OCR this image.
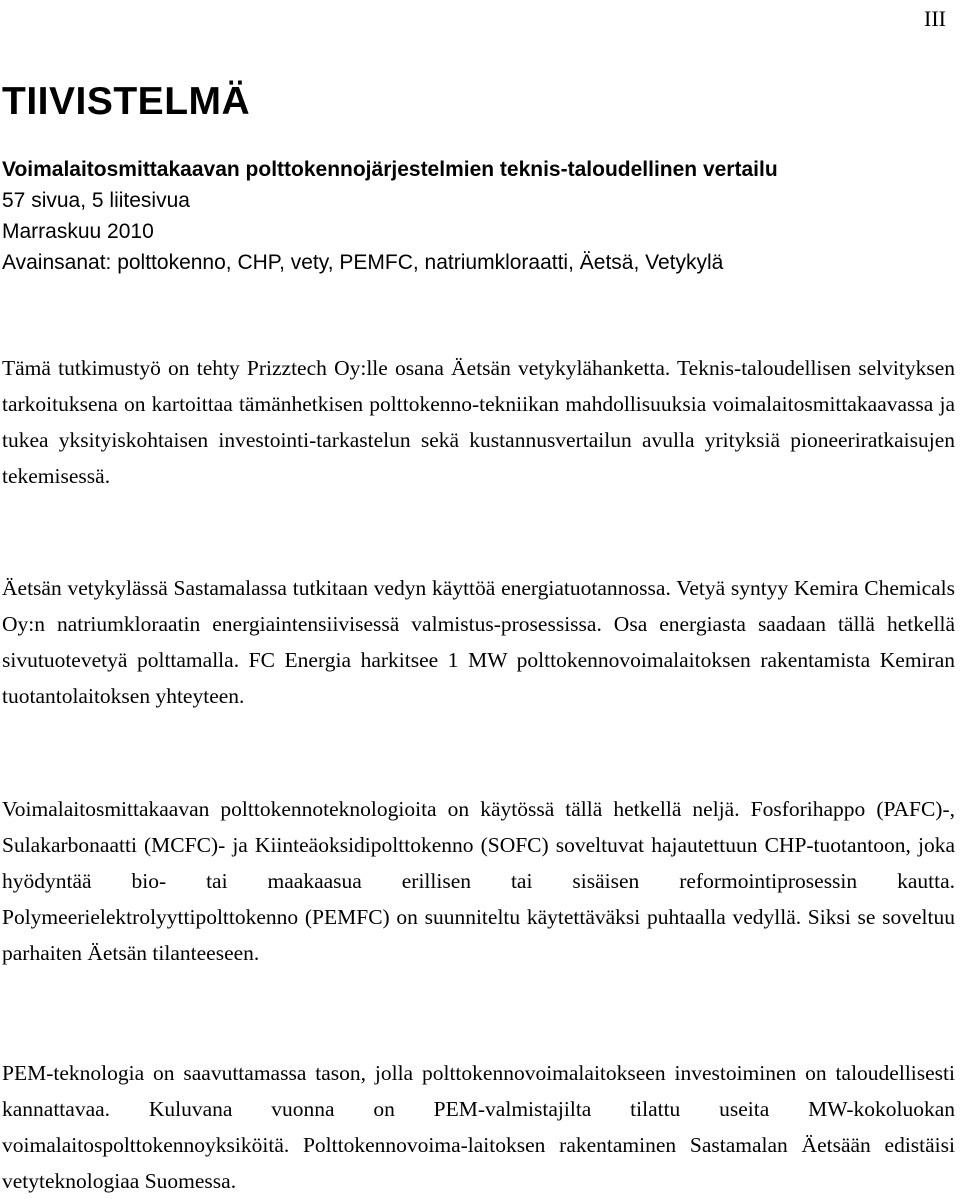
III
TIIVISTELMÄ
Voimalaitosmittakaavan polttokennojärjestelmien teknis-taloudellinen vertailu
57 sivua, 5 liitesivua
Marraskuu 2010
Avainsanat: polttokenno, CHP, vety, PEMFC, natriumkloraatti, Äetsä, Vetykylä

Tämä tutkimustyö on tehty Prizztech Oy:lle osana Äetsän vetykylähanketta. Teknis-taloudellisen selvityksen tarkoituksena on kartoittaa tämänhetkisen polttokenno-tekniikan mahdollisuuksia voimalaitosmittakaavassa ja tukea yksityiskohtaisen investointi-tarkastelun sekä kustannusvertailun avulla yrityksiä pioneeriratkaisujen tekemisessä.

Äetsän vetykylässä Sastamalassa tutkitaan vedyn käyttöä energiatuotannossa. Vetyä syntyy Kemira Chemicals Oy:n natriumkloraatin energiaintensiivisessä valmistus-prosessissa. Osa energiasta saadaan tällä hetkellä sivutuotevetyä polttamalla. FC Energia harkitsee 1 MW polttokennovoimalaitoksen rakentamista Kemiran tuotantolaitoksen yhteyteen.

Voimalaitosmittakaavan polttokennoteknologioita on käytössä tällä hetkellä neljä. Fosforihappo (PAFC)-, Sulakarbonaatti (MCFC)- ja Kiinteäoksidipolttokenno (SOFC) soveltuvat hajautettuun CHP-tuotantoon, joka hyödyntää bio- tai maakaasua erillisen tai sisäisen reformointiprosessin kautta. Polymeerielektrolyyttipolttokenno (PEMFC) on suunniteltu käytettäväksi puhtaalla vedyllä. Siksi se soveltuu parhaiten Äetsän tilanteeseen.

PEM-teknologia on saavuttamassa tason, jolla polttokennovoimalaitokseen investoiminen on taloudellisesti kannattavaa. Kuluvana vuonna on PEM-valmistajilta tilattu useita MW-kokoluokan voimalaitospolttokennoyksiköitä. Polttokennovoima-laitoksen rakentaminen Sastamalan Äetsään edistäisi vetyteknologiaa Suomessa.
